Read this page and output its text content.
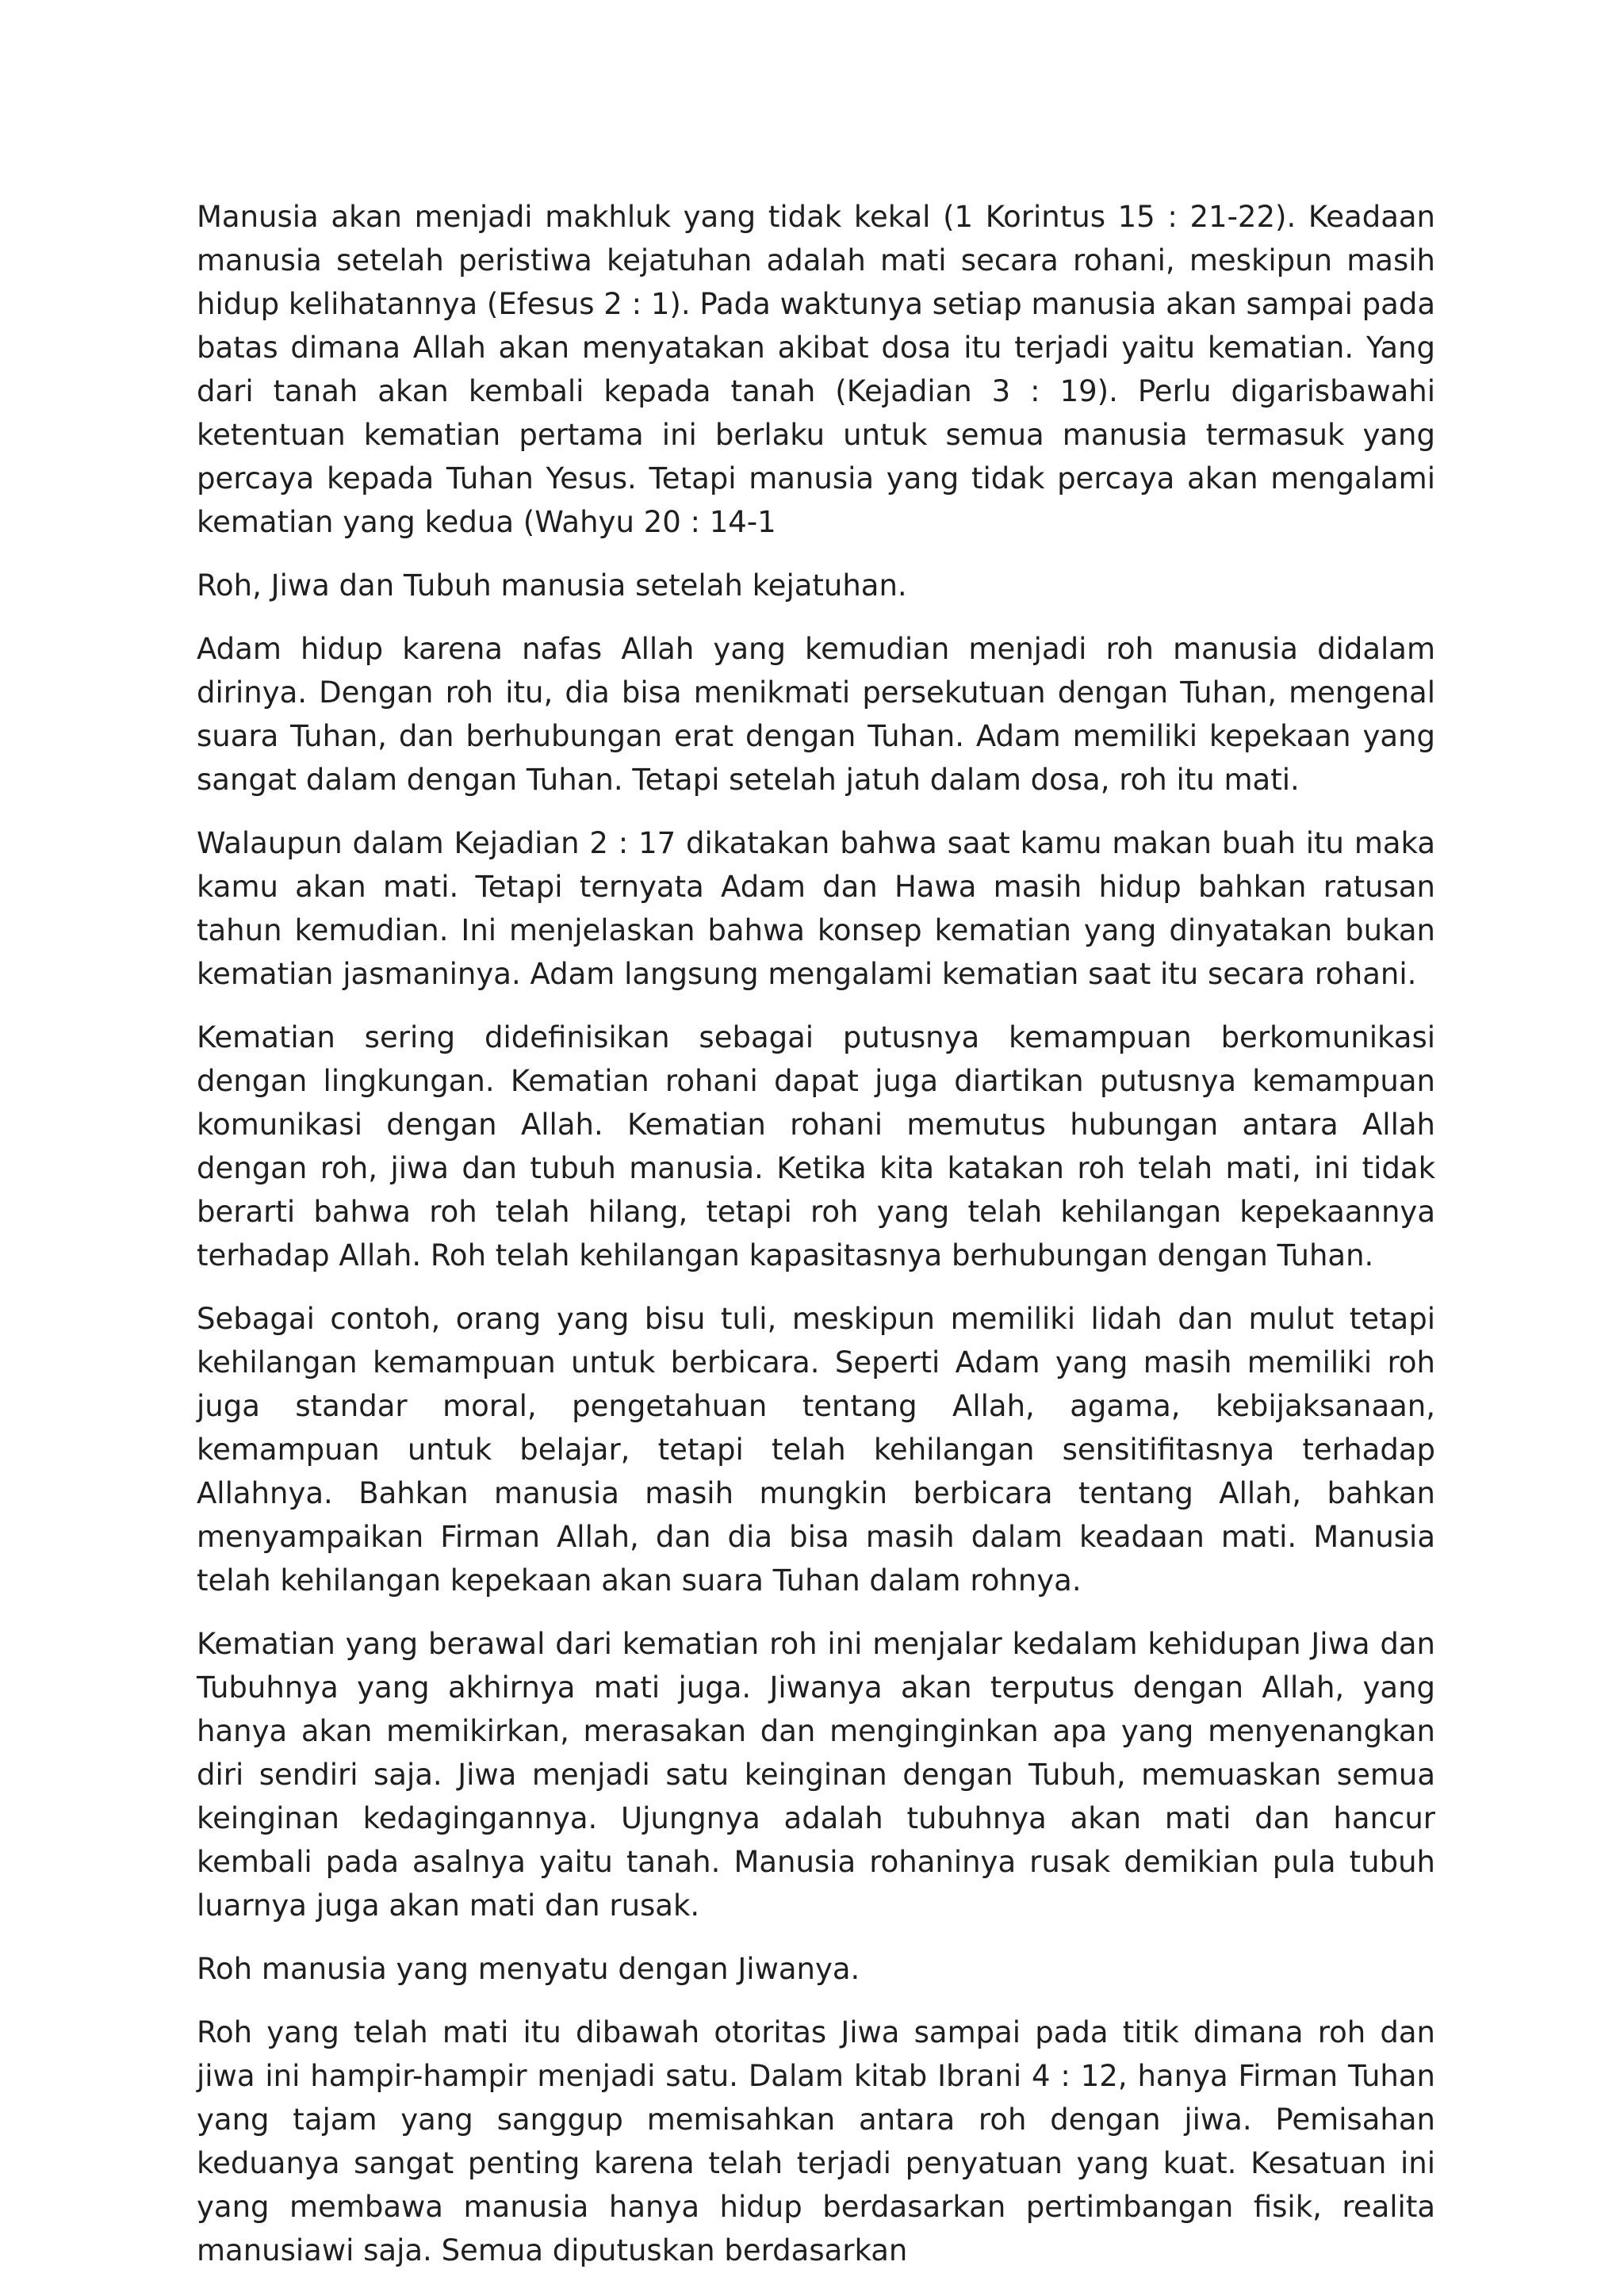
Manusia akan menjadi makhluk yang tidak kekal (1 Korintus 15 : 21-22). Keadaan manusia setelah peristiwa kejatuhan adalah mati secara rohani, meskipun masih hidup kelihatannya (Efesus 2 : 1). Pada waktunya setiap manusia akan sampai pada batas dimana Allah akan menyatakan akibat dosa itu terjadi yaitu kematian. Yang dari tanah akan kembali kepada tanah (Kejadian 3 : 19). Perlu digarisbawahi ketentuan kematian pertama ini berlaku untuk semua manusia termasuk yang percaya kepada Tuhan Yesus. Tetapi manusia yang tidak percaya akan mengalami kematian yang kedua (Wahyu 20 : 14-1

Roh, Jiwa dan Tubuh manusia setelah kejatuhan.

Adam hidup karena nafas Allah yang kemudian menjadi roh manusia didalam dirinya. Dengan roh itu, dia bisa menikmati persekutuan dengan Tuhan, mengenal suara Tuhan, dan berhubungan erat dengan Tuhan. Adam memiliki kepekaan yang sangat dalam dengan Tuhan. Tetapi setelah jatuh dalam dosa, roh itu mati.

Walaupun dalam Kejadian 2 : 17 dikatakan bahwa saat kamu makan buah itu maka kamu akan mati. Tetapi ternyata Adam dan Hawa masih hidup bahkan ratusan tahun kemudian. Ini menjelaskan bahwa konsep kematian yang dinyatakan bukan kematian jasmaninya. Adam langsung mengalami kematian saat itu secara rohani.

Kematian sering didefinisikan sebagai putusnya kemampuan berkomunikasi dengan lingkungan. Kematian rohani dapat juga diartikan putusnya kemampuan komunikasi dengan Allah. Kematian rohani memutus hubungan antara Allah dengan roh, jiwa dan tubuh manusia. Ketika kita katakan roh telah mati, ini tidak berarti bahwa roh telah hilang, tetapi roh yang telah kehilangan kepekaannya terhadap Allah. Roh telah kehilangan kapasitasnya berhubungan dengan Tuhan.

Sebagai contoh, orang yang bisu tuli, meskipun memiliki lidah dan mulut tetapi kehilangan kemampuan untuk berbicara. Seperti Adam yang masih memiliki roh juga standar moral, pengetahuan tentang Allah, agama, kebijaksanaan, kemampuan untuk belajar, tetapi telah kehilangan sensitifitasnya terhadap Allahnya. Bahkan manusia masih mungkin berbicara tentang Allah, bahkan menyampaikan Firman Allah, dan dia bisa masih dalam keadaan mati. Manusia telah kehilangan kepekaan akan suara Tuhan dalam rohnya.

Kematian yang berawal dari kematian roh ini menjalar kedalam kehidupan Jiwa dan Tubuhnya yang akhirnya mati juga. Jiwanya akan terputus dengan Allah, yang hanya akan memikirkan, merasakan dan menginginkan apa yang menyenangkan diri sendiri saja. Jiwa menjadi satu keinginan dengan Tubuh, memuaskan semua keinginan kedagingannya. Ujungnya adalah tubuhnya akan mati dan hancur kembali pada asalnya yaitu tanah. Manusia rohaninya rusak demikian pula tubuh luarnya juga akan mati dan rusak.

Roh manusia yang menyatu dengan Jiwanya.

Roh yang telah mati itu dibawah otoritas Jiwa sampai pada titik dimana roh dan jiwa ini hampir-hampir menjadi satu. Dalam kitab Ibrani 4 : 12, hanya Firman Tuhan yang tajam yang sanggup memisahkan antara roh dengan jiwa. Pemisahan keduanya sangat penting karena telah terjadi penyatuan yang kuat. Kesatuan ini yang membawa manusia hanya hidup berdasarkan pertimbangan fisik, realita manusiawi saja. Semua diputuskan berdasarkan
